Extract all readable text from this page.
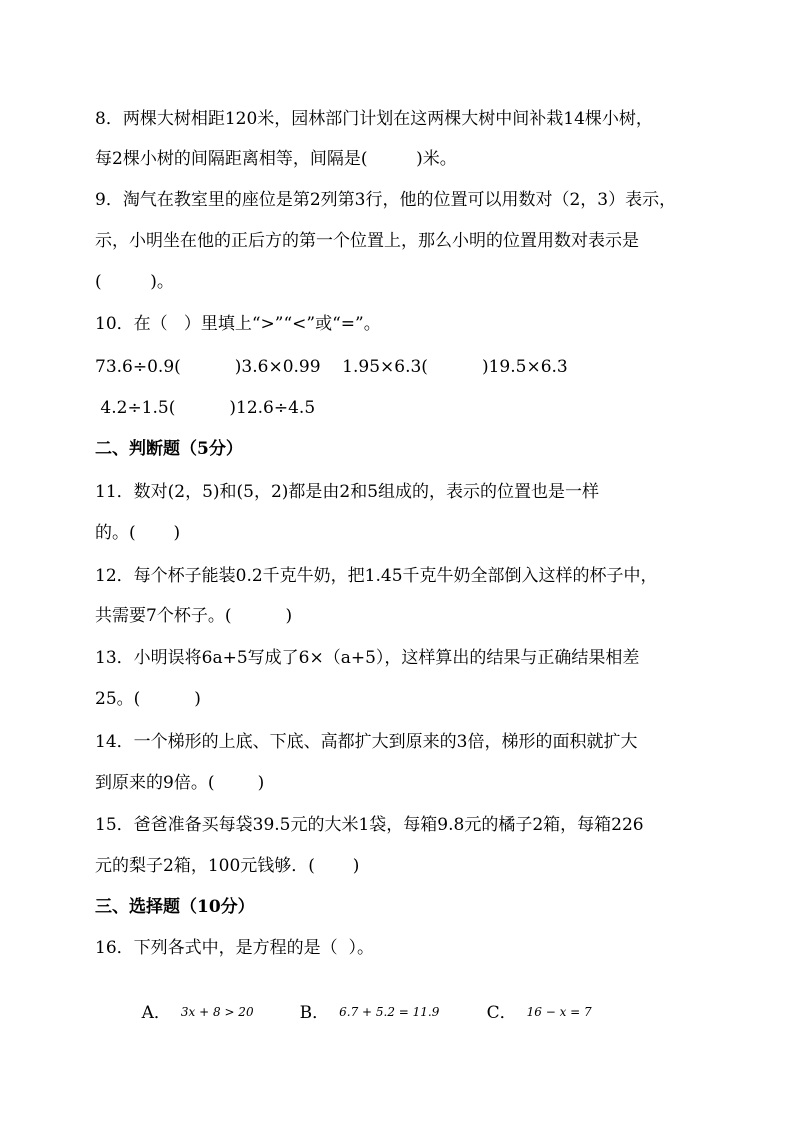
8．两棵大树相距120米，园林部门计划在这两棵大树中间补栽14棵小树，
每2棵小树的间隔距离相等，间隔是(         )米。
9．淘气在教室里的座位是第2列第3行，他的位置可以用数对（2，3）表示，
示，小明坐在他的正后方的第一个位置上，那么小明的位置用数对表示是
(         )。
10．在（   ）里填上“>”“<”或“=”。
73.6÷0.9(          )3.6×0.99    1.95×6.3(          )19.5×6.3
4.2÷1.5(          )12.6÷4.5
二、判断题（5分）
11．数对(2，5)和(5，2)都是由2和5组成的，表示的位置也是一样
的。(       )
12．每个杯子能装0.2千克牛奶，把1.45千克牛奶全部倒入这样的杯子中，
共需要7个杯子。(          )
13．小明误将6a+5写成了6×（a+5），这样算出的结果与正确结果相差
25。(          )
14．一个梯形的上底、下底、高都扩大到原来的3倍，梯形的面积就扩大
到原来的9倍。(        )
15．爸爸准备买每袋39.5元的大米1袋，每箱9.8元的橘子2箱，每箱226
元的梨子2箱，100元钱够．(       )
三、选择题（10分）
16．下列各式中，是方程的是（  ）。

A． 3x + 8 > 20
	B． 6.7 + 5.2 = 11.9
	C． 16 − x = 7
